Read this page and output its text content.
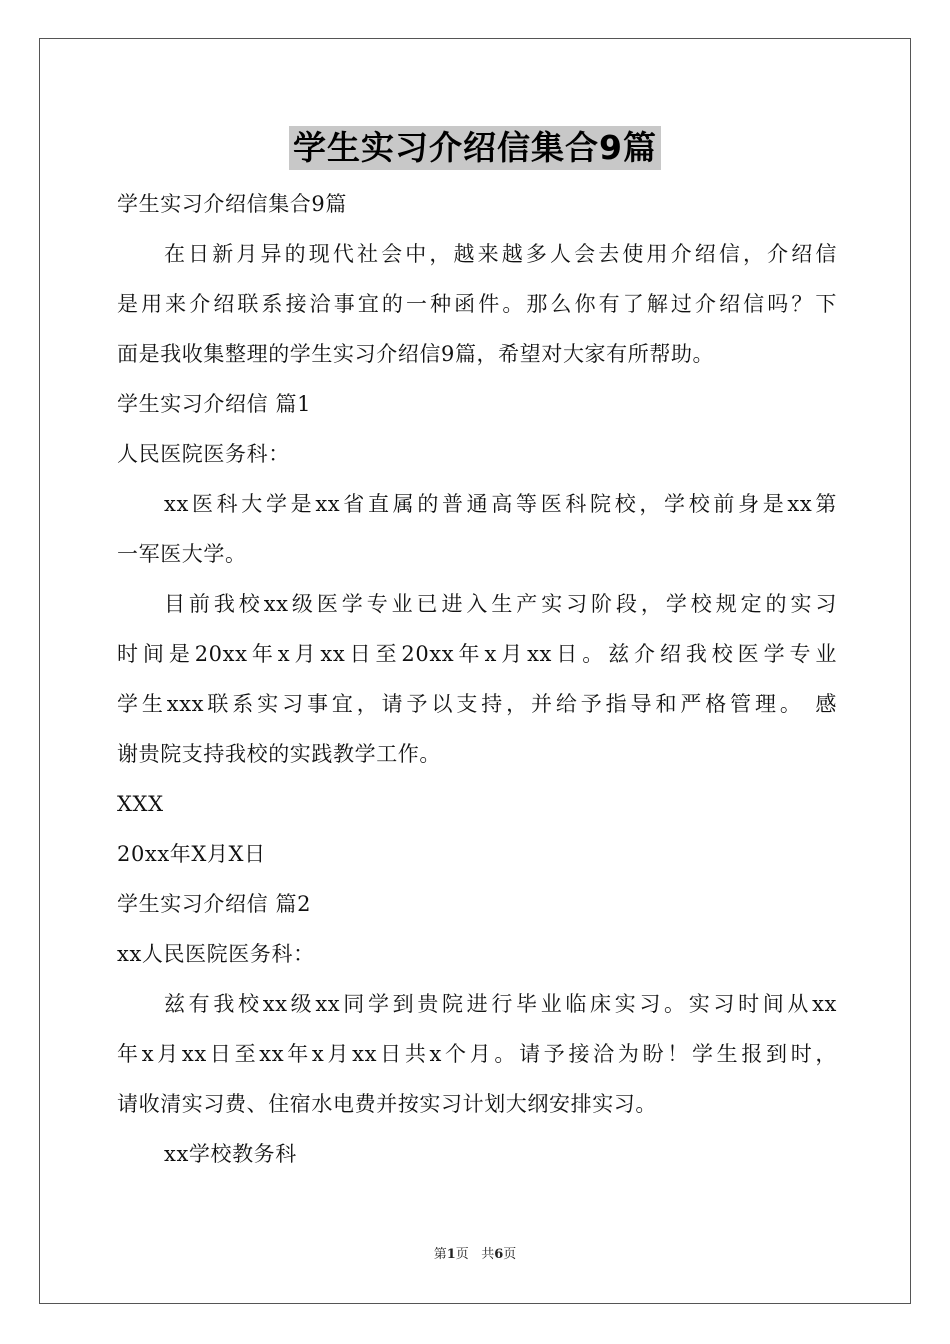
学生实习介绍信集合9篇
学生实习介绍信集合9篇
在日新月异的现代社会中，越来越多人会去使用介绍信，介绍信
是用来介绍联系接洽事宜的一种函件。那么你有了解过介绍信吗？下
面是我收集整理的学生实习介绍信9篇，希望对大家有所帮助。
学生实习介绍信 篇1
人民医院医务科：
xx医科大学是xx省直属的普通高等医科院校，学校前身是xx第
一军医大学。
目前我校xx级医学专业已进入生产实习阶段，学校规定的实习
时间是20xx年x月xx日至20xx年x月xx日。兹介绍我校医学专业
学生xxx联系实习事宜，请予以支持，并给予指导和严格管理。 感
谢贵院支持我校的实践教学工作。
XXX
20xx年X月X日
学生实习介绍信 篇2
xx人民医院医务科：
兹有我校xx级xx同学到贵院进行毕业临床实习。实习时间从xx
年x月xx日至xx年x月xx日共x个月。请予接洽为盼！学生报到时，
请收清实习费、住宿水电费并按实习计划大纲安排实习。
xx学校教务科
第1页 共6页
